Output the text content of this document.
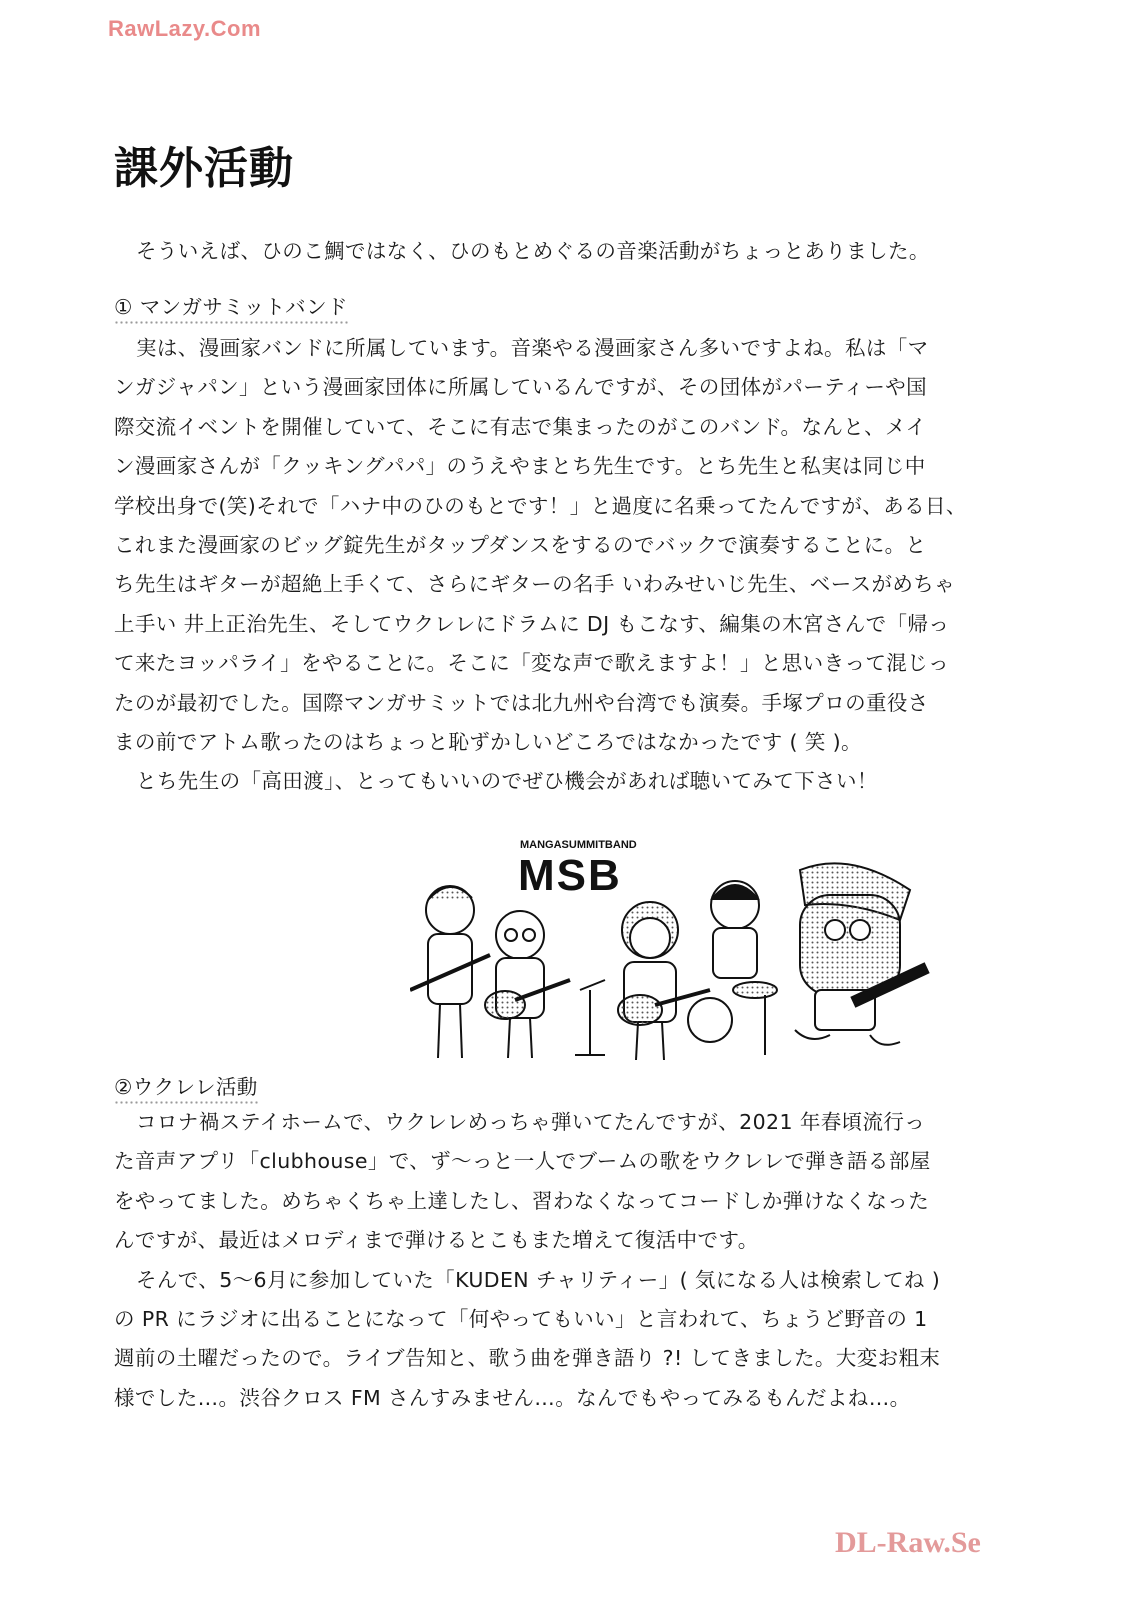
RawLazy.Com
課外活動

そういえば、ひのこ鯛ではなく、ひのもとめぐるの音楽活動がちょっとありました。

① マンガサミットバンド

実は、漫画家バンドに所属しています。音楽やる漫画家さん多いですよね。私は「マ
ンガジャパン」という漫画家団体に所属しているんですが、その団体がパーティーや国
際交流イベントを開催していて、そこに有志で集まったのがこのバンド。なんと、メイ
ン漫画家さんが「クッキングパパ」のうえやまとち先生です。とち先生と私実は同じ中
学校出身で(笑)それで「ハナ中のひのもとです！」と過度に名乗ってたんですが、ある日、
これまた漫画家のビッグ錠先生がタップダンスをするのでバックで演奏することに。と
ち先生はギターが超絶上手くて、さらにギターの名手 いわみせいじ先生、ベースがめちゃ
上手い 井上正治先生、そしてウクレレにドラムに DJ もこなす、編集の木宮さんで「帰っ
て来たヨッパライ」をやることに。そこに「変な声で歌えますよ！」と思いきって混じっ
たのが最初でした。国際マンガサミットでは北九州や台湾でも演奏。手塚プロの重役さ
まの前でアトム歌ったのはちょっと恥ずかしいどころではなかったです ( 笑 )。
とち先生の「高田渡」、とってもいいのでぜひ機会があれば聴いてみて下さい！

MANGASUMMITBAND
MSB
②ウクレレ活動

コロナ禍ステイホームで、ウクレレめっちゃ弾いてたんですが、2021 年春頃流行っ
た音声アプリ「clubhouse」で、ず〜っと一人でブームの歌をウクレレで弾き語る部屋
をやってました。めちゃくちゃ上達したし、習わなくなってコードしか弾けなくなった
んですが、最近はメロディまで弾けるとこもまた増えて復活中です。
そんで、5〜6月に参加していた「KUDEN チャリティー」( 気になる人は検索してね )
の PR にラジオに出ることになって「何やってもいい」と言われて、ちょうど野音の 1
週前の土曜だったので。ライブ告知と、歌う曲を弾き語り ?! してきました。大変お粗末
様でした…。渋谷クロス FM さんすみません…。なんでもやってみるもんだよね…。

DL-Raw.Se
